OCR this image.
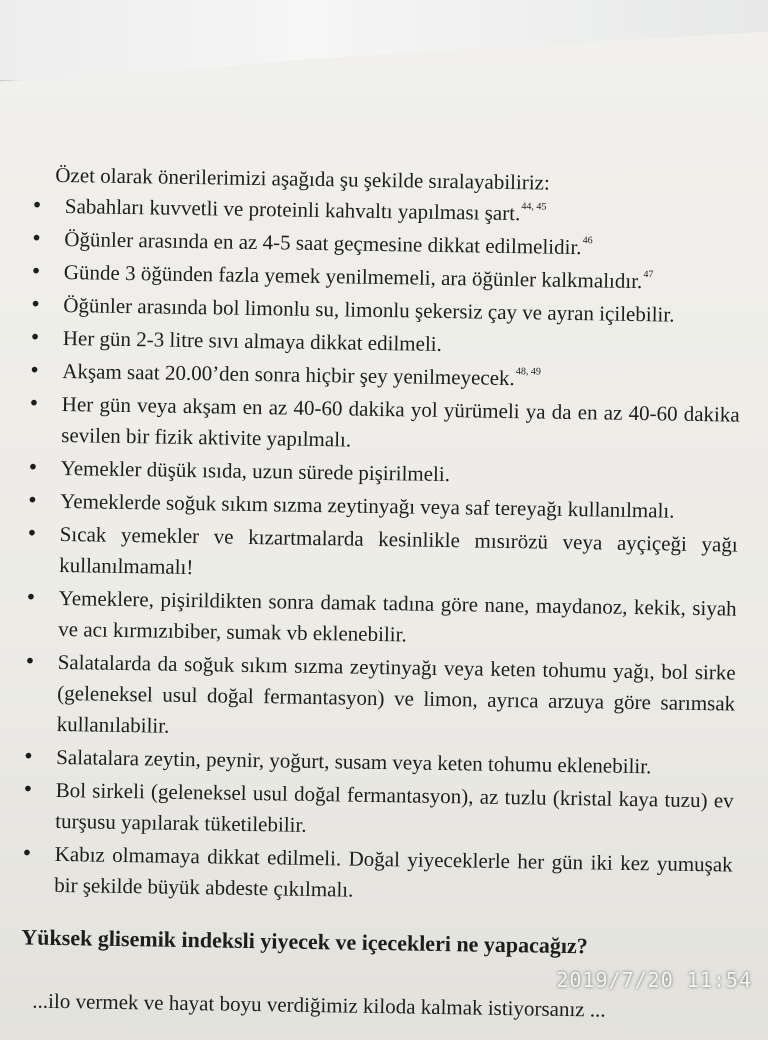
Özet olarak önerilerimizi aşağıda şu şekilde sıralayabiliriz:
• Sabahları kuvvetli ve proteinli kahvaltı yapılması şart.$^{44, 45}$
• Öğünler arasında en az 4-5 saat geçmesine dikkat edilmelidir.$^{46}$
• Günde 3 öğünden fazla yemek yenilmemeli, ara öğünler kalkmalıdır.$^{47}$
• Öğünler arasında bol limonlu su, limonlu şekersiz çay ve ayran içilebilir.
• Her gün 2-3 litre sıvı almaya dikkat edilmeli.
• Akşam saat 20.00’den sonra hiçbir şey yenilmeyecek.$^{48, 49}$
• Her gün veya akşam en az 40-60 dakika yol yürümeli ya da en az 40-60 dakika sevilen bir fizik aktivite yapılmalı.
• Yemekler düşük ısıda, uzun sürede pişirilmeli.
• Yemeklerde soğuk sıkım sızma zeytinyağı veya saf tereyağı kullanılmalı.
• Sıcak yemekler ve kızartmalarda kesinlikle mısırözü veya ayçiçeği yağı kullanılmamalı!
• Yemeklere, pişirildikten sonra damak tadına göre nane, maydanoz, kekik, siyah ve acı kırmızıbiber, sumak vb eklenebilir.
• Salatalarda da soğuk sıkım sızma zeytinyağı veya keten tohumu yağı, bol sirke (geleneksel usul doğal fermantasyon) ve limon, ayrıca arzuya göre sarımsak kullanılabilir.
• Salatalara zeytin, peynir, yoğurt, susam veya keten tohumu eklenebilir.
• Bol sirkeli (geleneksel usul doğal fermantasyon), az tuzlu (kristal kaya tuzu) ev turşusu yapılarak tüketilebilir.
• Kabız olmamaya dikkat edilmeli. Doğal yiyeceklerle her gün iki kez yumuşak bir şekilde büyük abdeste çıkılmalı.
Yüksek glisemik indeksli yiyecek ve içecekleri ne yapacağız?
...ilo vermek ve hayat boyu verdiğimiz kiloda kalmak istiyorsanız ...
2019/7/20 11:54
